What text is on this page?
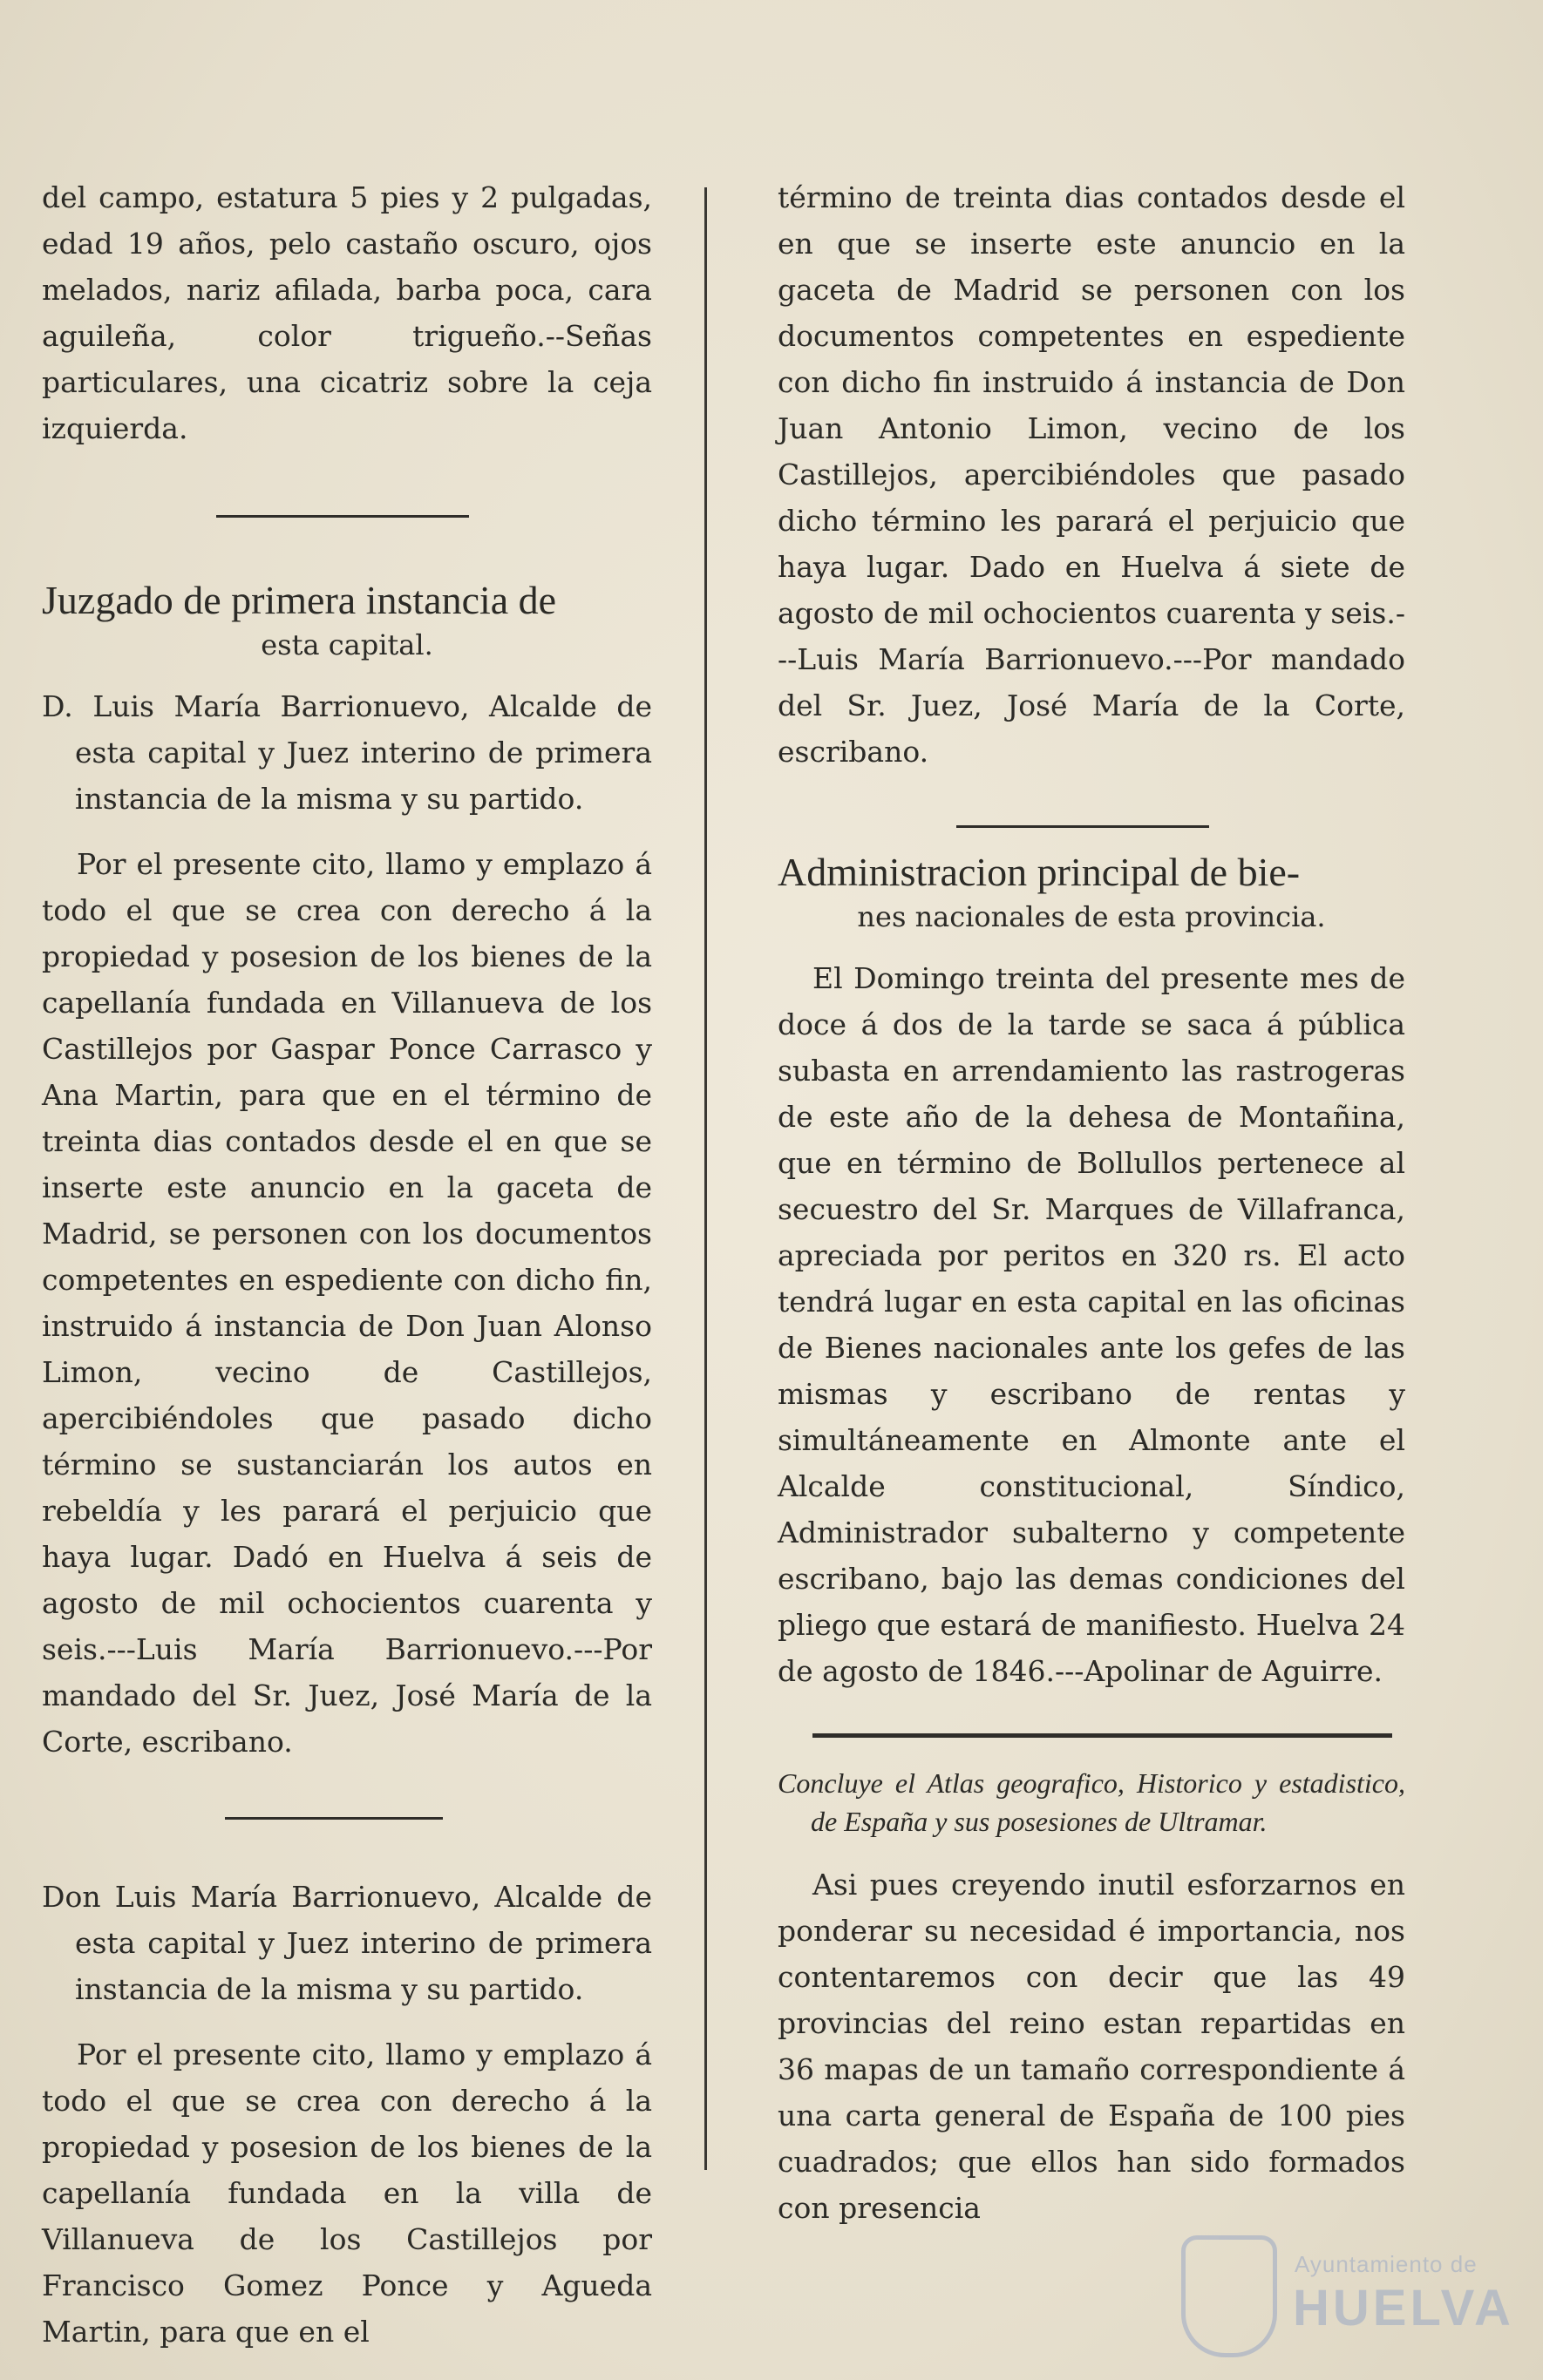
del campo, estatura 5 pies y 2 pulgadas, edad 19 años, pelo castaño oscuro, ojos melados, nariz afilada, barba poca, cara aguileña, color trigueño.--Señas particulares, una cicatriz sobre la ceja izquierda.

Juzgado de primera instancia de

esta capital.

D. Luis María Barrionuevo, Alcalde de esta capital y Juez interino de primera instancia de la misma y su partido.

Por el presente cito, llamo y emplazo á todo el que se crea con derecho á la propiedad y posesion de los bienes de la capellanía fundada en Villanueva de los Castillejos por Gaspar Ponce Carrasco y Ana Martin, para que en el término de treinta dias contados desde el en que se inserte este anuncio en la gaceta de Madrid, se personen con los documentos competentes en espediente con dicho fin, instruido á instancia de Don Juan Alonso Limon, vecino de Castillejos, apercibiéndoles que pasado dicho término se sustanciarán los autos en rebeldía y les parará el perjuicio que haya lugar. Dadó en Huelva á seis de agosto de mil ochocientos cuarenta y seis.---Luis María Barrionuevo.---Por mandado del Sr. Juez, José María de la Corte, escribano.

Don Luis María Barrionuevo, Alcalde de esta capital y Juez interino de primera instancia de la misma y su partido.

Por el presente cito, llamo y emplazo á todo el que se crea con derecho á la propiedad y posesion de los bienes de la capellanía fundada en la villa de Villanueva de los Castillejos por Francisco Gomez Ponce y Agueda Martin, para que en el

término de treinta dias contados desde el en que se inserte este anuncio en la gaceta de Madrid se personen con los documentos competentes en espediente con dicho fin instruido á instancia de Don Juan Antonio Limon, vecino de los Castillejos, apercibiéndoles que pasado dicho término les parará el perjuicio que haya lugar. Dado en Huelva á siete de agosto de mil ochocientos cuarenta y seis.---Luis María Barrionuevo.---Por mandado del Sr. Juez, José María de la Corte, escribano.

Administracion principal de bie-

nes nacionales de esta provincia.

El Domingo treinta del presente mes de doce á dos de la tarde se saca á pública subasta en arrendamiento las rastrogeras de este año de la dehesa de Montañina, que en término de Bollullos pertenece al secuestro del Sr. Marques de Villafranca, apreciada por peritos en 320 rs. El acto tendrá lugar en esta capital en las oficinas de Bienes nacionales ante los gefes de las mismas y escribano de rentas y simultáneamente en Almonte ante el Alcalde constitucional, Síndico, Administrador subalterno y competente escribano, bajo las demas condiciones del pliego que estará de manifiesto. Huelva 24 de agosto de 1846.---Apolinar de Aguirre.

Concluye el Atlas geografico, Historico y estadistico, de España y sus posesiones de Ultramar.

Asi pues creyendo inutil esforzarnos en ponderar su necesidad é importancia, nos contentaremos con decir que las 49 provincias del reino estan repartidas en 36 mapas de un tamaño correspondiente á una carta general de España de 100 pies cuadrados; que ellos han sido formados con presencia

Ayuntamiento de
HUELVA
